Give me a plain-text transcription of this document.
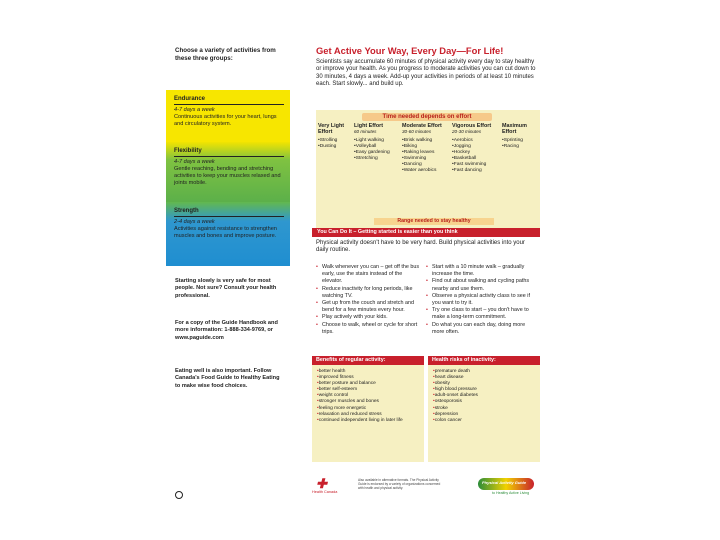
Choose a variety of activities from these three groups:
Endurance
4-7 days a week
Continuous activities for your heart, lungs and circulatory system.
Flexibility
4-7 days a week
Gentle reaching, bending and stretching activities to keep your muscles relaxed and joints mobile.
Strength
2-4 days a week
Activities against resistance to strengthen muscles and bones and improve posture.
Starting slowly is very safe for most people. Not sure? Consult your health professional.
For a copy of the Guide Handbook and more information: 1-888-334-9769, or www.paguide.com
Eating well is also important. Follow Canada's Food Guide to Healthy Eating to make wise food choices.
Get Active Your Way, Every Day—For Life!
Scientists say accumulate 60 minutes of physical activity every day to stay healthy or improve your health. As you progress to moderate activities you can cut down to 30 minutes, 4 days a week. Add-up your activities in periods of at least 10 minutes each. Start slowly... and build up.
Time needed depends on effort
Very Light Effort
• Strolling
• Dusting
Light Effort
60 minutes
• Light walking
• Volleyball
• Easy gardening
• Stretching
Moderate Effort
30-60 minutes
• Brisk walking
• Biking
• Raking leaves
• Swimming
• Dancing
• Water aerobics
Vigorous Effort
20-30 minutes
• Aerobics
• Jogging
• Hockey
• Basketball
• Fast swimming
• Fast dancing
Maximum Effort
• Sprinting
• Racing
Range needed to stay healthy
You Can Do It – Getting started is easier than you think
Physical activity doesn't have to be very hard. Build physical activities into your daily routine.
• Walk whenever you can – get off the bus early, use the stairs instead of the elevator.
• Reduce inactivity for long periods, like watching TV.
• Get up from the couch and stretch and bend for a few minutes every hour.
• Play actively with your kids.
• Choose to walk, wheel or cycle for short trips.
• Start with a 10 minute walk – gradually increase the time.
• Find out about walking and cycling paths nearby and use them.
• Observe a physical activity class to see if you want to try it.
• Try one class to start – you don't have to make a long-term commitment.
• Do what you can each day, doing more more often.
Benefits of regular activity:
• better health
• improved fitness
• better posture and balance
• better self-esteem
• weight control
• stronger muscles and bones
• feeling more energetic
• relaxation and reduced stress
• continued independent living in later life
Health risks of inactivity:
• premature death
• heart disease
• obesity
• high blood pressure
• adult-onset diabetes
• osteoporosis
• stroke
• depression
• colon cancer
✚
Health Canada
Also available in alternative formats. The Physical Activity Guide is endorsed by a variety of organizations concerned with health and physical activity.
Physical Activity Guide
to Healthy Active Living
